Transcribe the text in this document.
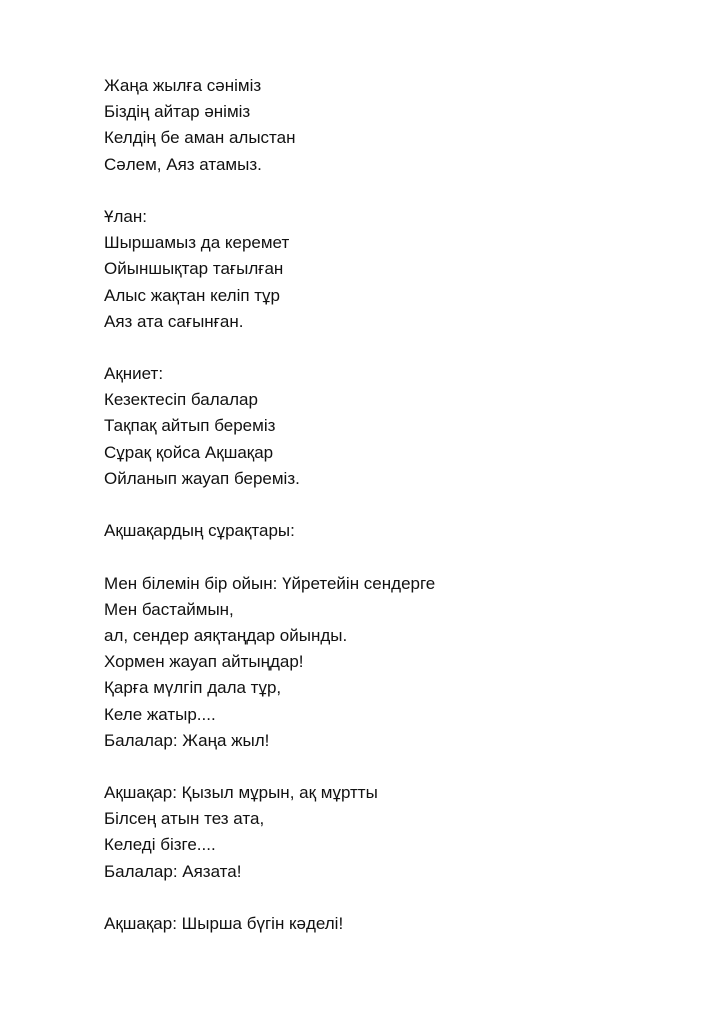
Жаңа жылға сәніміз
Біздің айтар әніміз
Келдің бе аман алыстан
Сәлем, Аяз атамыз.
Ұлан:
Шыршамыз да керемет
Ойыншықтар тағылған
Алыс жақтан келіп тұр
Аяз ата сағынған.
Ақниет:
Кезектесіп балалар
Тақпақ айтып береміз
Сұрақ қойса Ақшақар
Ойланып жауап береміз.
Ақшақардың сұрақтары:
Мен білемін бір ойын: Үйретейін сендерге
Мен бастаймын,
ал, сендер аяқтаңдар ойынды.
Хормен жауап айтыңдар!
Қарға мүлгіп дала тұр,
Келе жатыр....
Балалар: Жаңа жыл!
Ақшақар: Қызыл мұрын, ақ мұртты
Білсең атын тез ата,
Келеді бізге....
Балалар: Аязата!
Ақшақар: Шырша бүгін кәделі!
